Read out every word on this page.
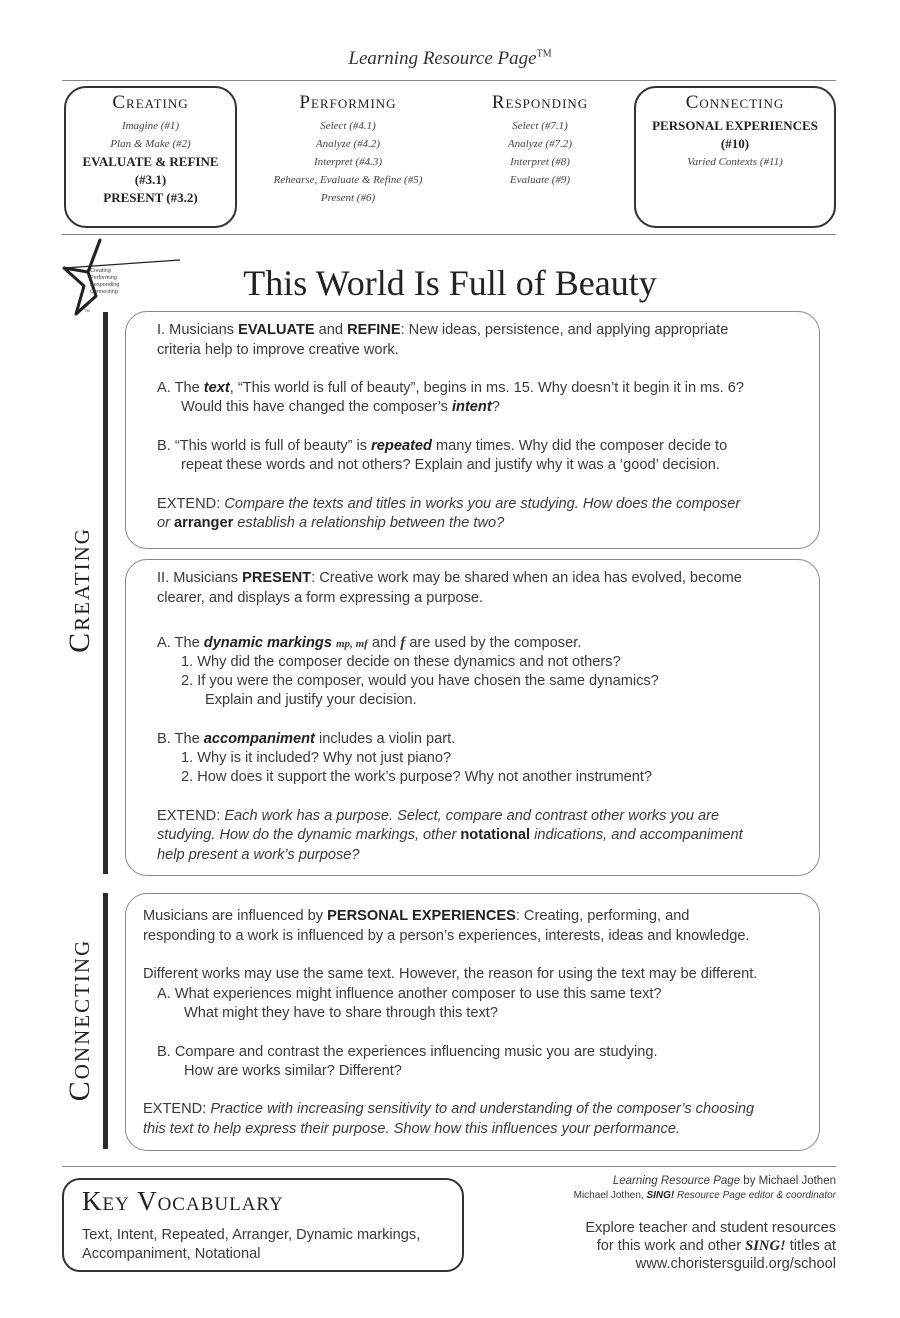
Learning Resource Page™
Creating
Imagine (#1)
Plan & Make (#2)
EVALUATE & REFINE
(#3.1)
PRESENT (#3.2)
Performing
Select (#4.1)
Analyze (#4.2)
Interpret (#4.3)
Rehearse, Evaluate & Refine (#5)
Present (#6)
Responding
Select (#7.1)
Analyze (#7.2)
Interpret (#8)
Evaluate (#9)
Connecting
PERSONAL EXPERIENCES
(#10)
Varied Contexts (#11)
Creating
Performing
Responding
Connecting
TM
This World Is Full of Beauty
Creating
Connecting
I. Musicians EVALUATE and REFINE: New ideas, persistence, and applying appropriate
criteria help to improve creative work.
A. The text, “This world is full of beauty”, begins in ms. 15. Why doesn’t it begin it in ms. 6?
Would this have changed the composer’s intent?
B. “This world is full of beauty” is repeated many times. Why did the composer decide to
repeat these words and not others? Explain and justify why it was a ‘good’ decision.
EXTEND: Compare the texts and titles in works you are studying. How does the composer
or arranger establish a relationship between the two?
II. Musicians PRESENT: Creative work may be shared when an idea has evolved, become
clearer, and displays a form expressing a purpose.
A. The dynamic markings mp, mf and f are used by the composer.
1. Why did the composer decide on these dynamics and not others?
2. If you were the composer, would you have chosen the same dynamics?
Explain and justify your decision.
B. The accompaniment includes a violin part.
1. Why is it included? Why not just piano?
2. How does it support the work’s purpose? Why not another instrument?
EXTEND: Each work has a purpose. Select, compare and contrast other works you are
studying. How do the dynamic markings, other notational indications, and accompaniment
help present a work’s purpose?
Musicians are influenced by PERSONAL EXPERIENCES: Creating, performing, and
responding to a work is influenced by a person’s experiences, interests, ideas and knowledge.
Different works may use the same text. However, the reason for using the text may be different.
A. What experiences might influence another composer to use this same text?
What might they have to share through this text?
B. Compare and contrast the experiences influencing music you are studying.
How are works similar? Different?
EXTEND: Practice with increasing sensitivity to and understanding of the composer’s choosing
this text to help express their purpose. Show how this influences your performance.
Key Vocabulary
Text, Intent, Repeated, Arranger, Dynamic markings,
Accompaniment, Notational
Learning Resource Page by Michael Jothen
Michael Jothen, SING! Resource Page editor & coordinator
Explore teacher and student resources
for this work and other SING! titles at
www.choristersguild.org/school
